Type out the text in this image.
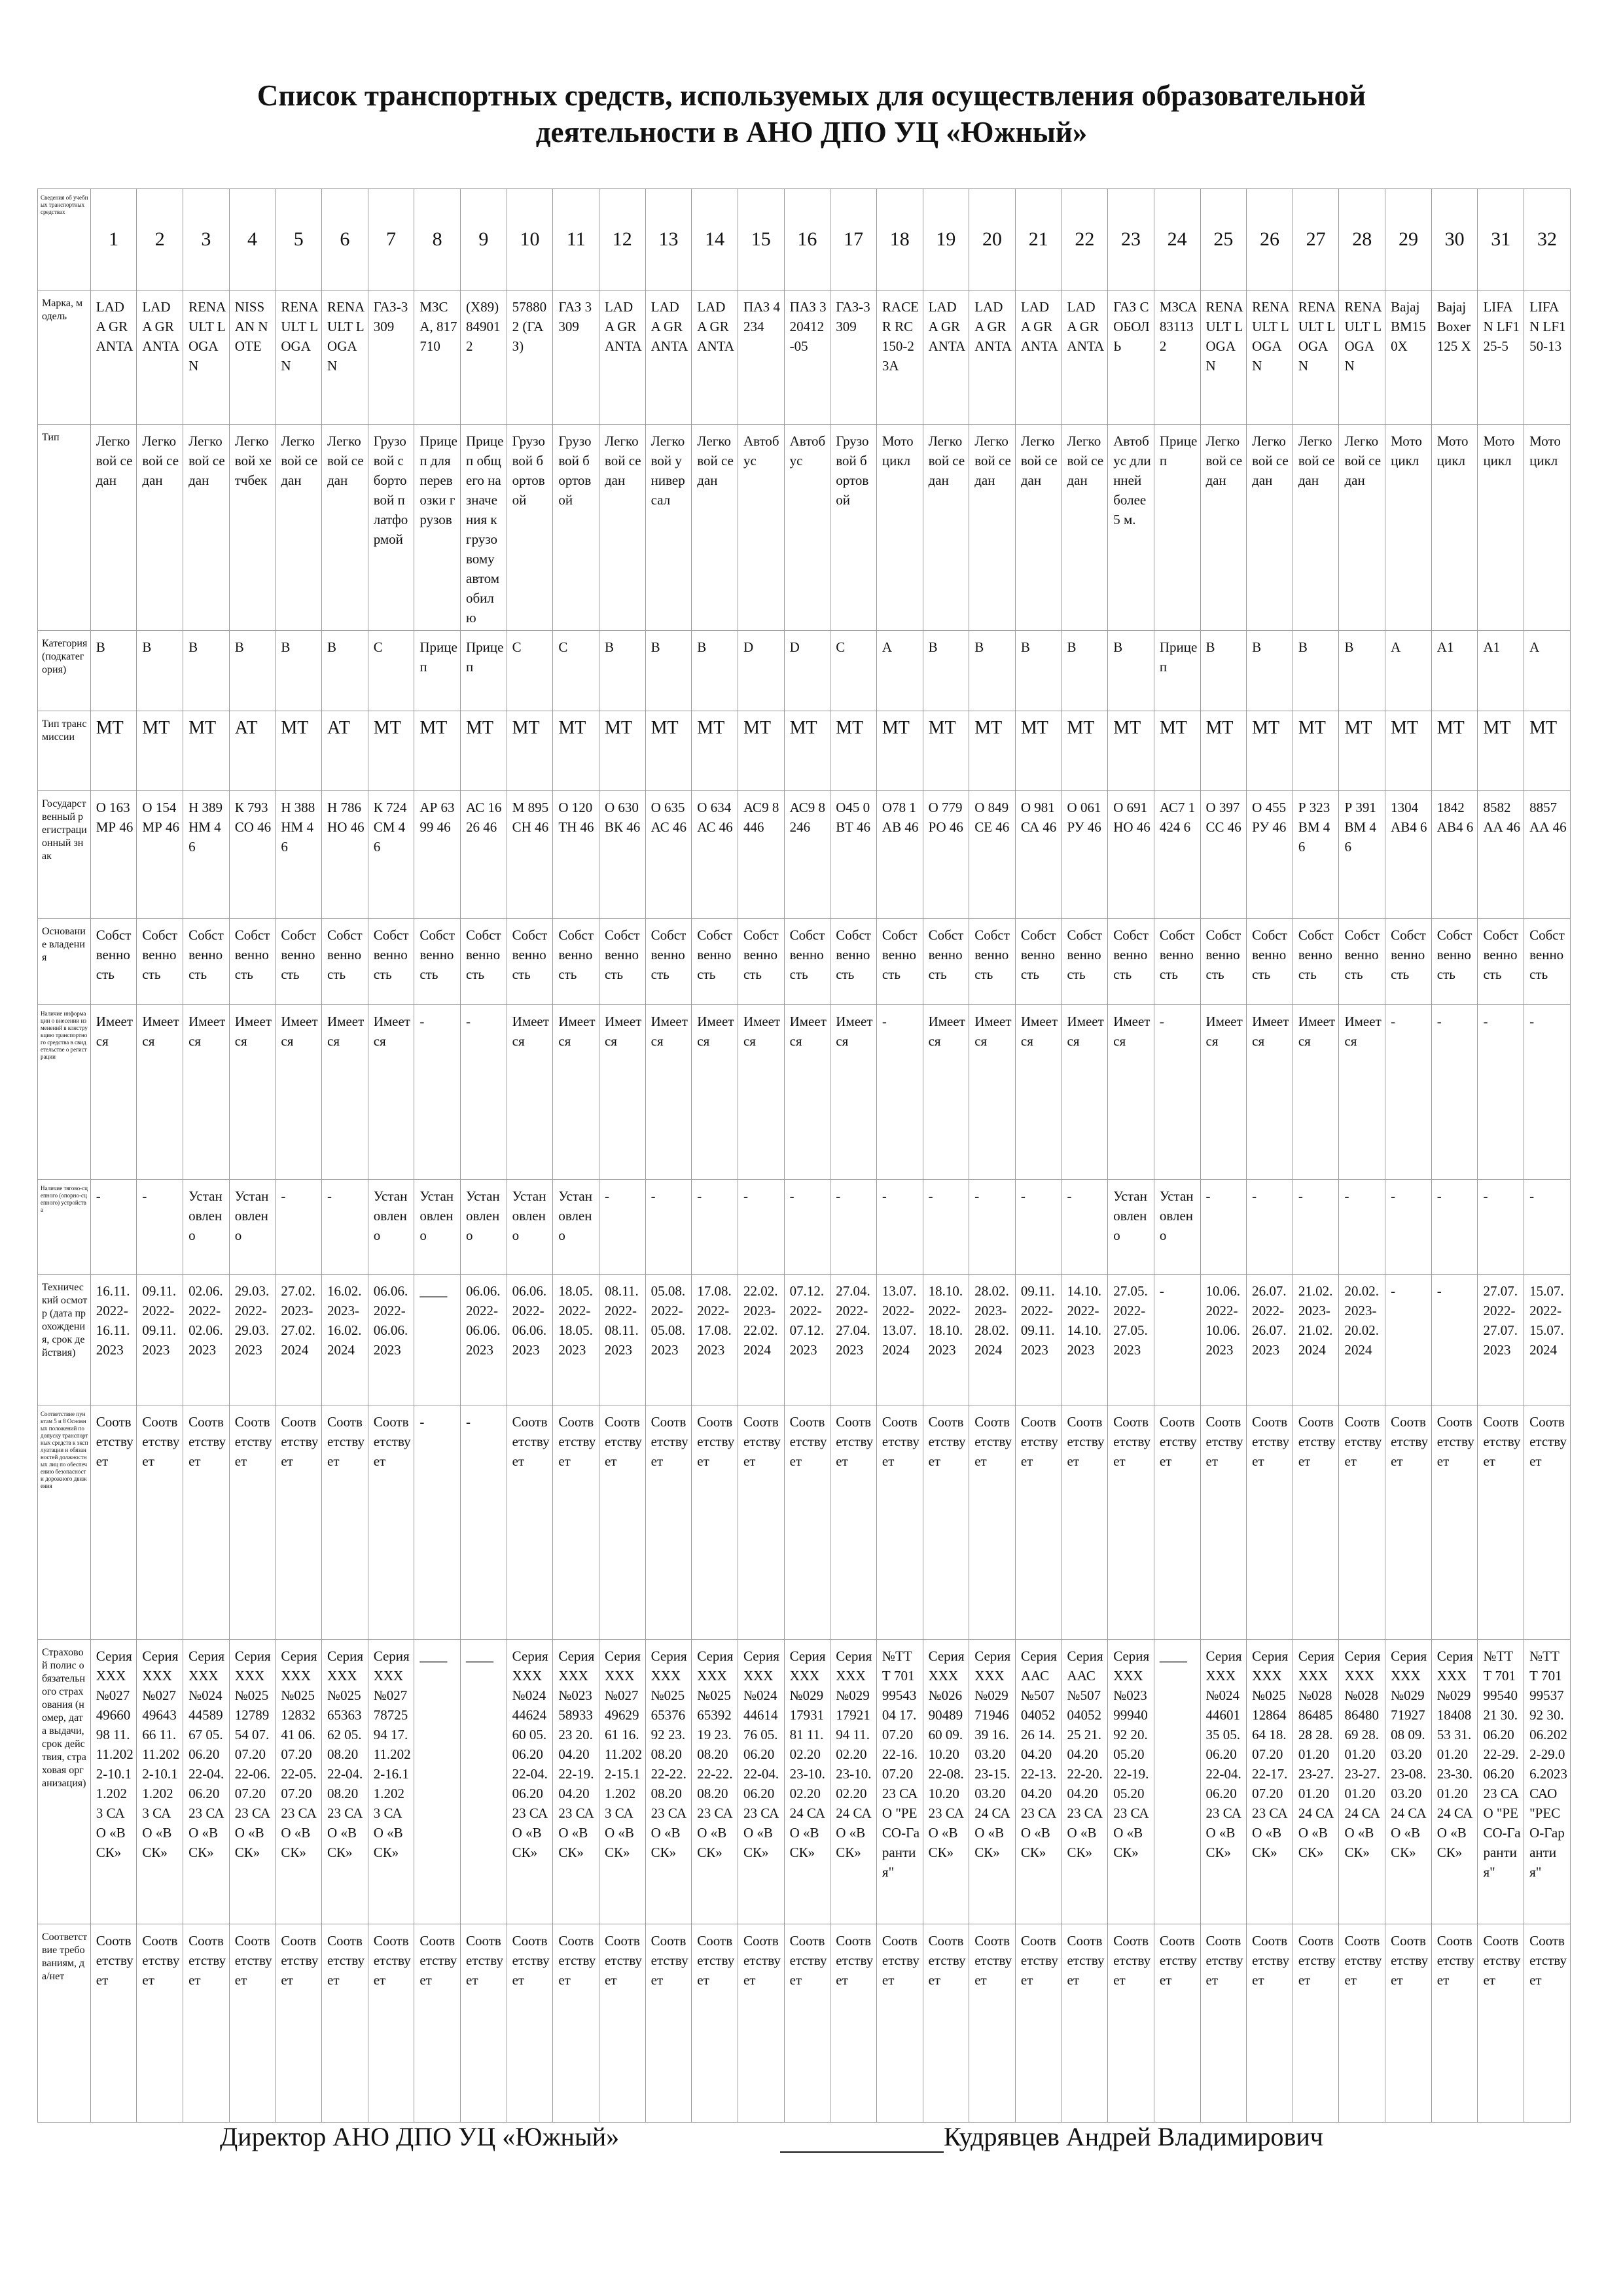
Список транспортных средств, используемых для осуществления образовательной
деятельности в АНО ДПО УЦ «Южный»
Сведения об учебных транспортных средствах	1	2	3	4	5	6	7	8	9	10	11	12	13	14	15	16	17	18	19	20	21	22	23	24	25	26	27	28	29	30	31	32
Марка, модель	LADA GRANTA	LADA GRANTA	RENAULT LOGAN	NISSAN NOTE	RENAULT LOGAN	RENAULT LOGAN	ГАЗ-3309	МЗСА, 817710	(Х89)849012	578802 (ГАЗ)	ГАЗ 3309	LADA GRANTA	LADA GRANTA	LADA GRANTA	ПАЗ 4234	ПАЗ 320412-05	ГАЗ-3309	RACER RC150-23A	LADA GRANTA	LADA GRANTA	LADA GRANTA	LADA GRANTA	ГАЗ СОБОЛЬ	МЗСА 831132	RENAULT LOGAN	RENAULT LOGAN	RENAULT LOGAN	RENAULT LOGAN	Bajaj BM150X	Bajaj Boxer 125 X	LIFAN LF125-5	LIFAN LF150-13
Тип	Легковой седан	Легковой седан	Легковой седан	Легковой хетчбек	Легковой седан	Легковой седан	Грузовой с бортовой платформой	Прицеп для перевозки грузов	Прицеп общего назначения к грузовому автомобилю	Грузовой бортовой	Грузовой бортовой	Легковой седан	Легковой универсал	Легковой седан	Автобус	Автобус	Грузовой бортовой	Мотоцикл	Легковой седан	Легковой седан	Легковой седан	Легковой седан	Автобус длинней более 5 м.	Прицеп	Легковой седан	Легковой седан	Легковой седан	Легковой седан	Мотоцикл	Мотоцикл	Мотоцикл	Мотоцикл
Категория (подкатегория)	B	B	B	B	B	B	C	Прицеп	Прицеп	C	C	B	B	B	D	D	C	A	B	B	B	B	B	Прицеп	B	B	B	B	A	A1	A1	A
Тип трансмиссии	МТ	МТ	МТ	АТ	МТ	АТ	МТ	МТ	МТ	МТ	МТ	МТ	МТ	МТ	МТ	МТ	МТ	МТ	МТ	МТ	МТ	МТ	МТ	МТ	МТ	МТ	МТ	МТ	МТ	МТ	МТ	МТ
Государственный регистрационный знак	О 163 МР 46	О 154 МР 46	Н 389 НМ 46	К 793 СО 46	Н 388 НМ 46	Н 786 НО 46	К 724 СМ 46	АР 6399 46	АС 1626 46	М 895 СН 46	О 120 ТН 46	О 630 ВК 46	О 635 АС 46	О 634 АС 46	АС9 8446	АС9 8246	О45 0ВТ 46	О78 1АВ 46	О 779 РО 46	О 849 СЕ 46	О 981 СА 46	О 061 РУ 46	О 691 НО 46	АС7 1424 6	О 397 СС 46	О 455 РУ 46	Р 323 ВМ 46	Р 391 ВМ 46	1304 АВ4 6	1842 АВ4 6	8582 АА 46	8857 АА 46
Основание владения	Собственность	Собственность	Собственность	Собственность	Собственность	Собственность	Собственность	Собственность	Собственность	Собственность	Собственность	Собственность	Собственность	Собственность	Собственность	Собственность	Собственность	Собственность	Собственность	Собственность	Собственность	Собственность	Собственность	Собственность	Собственность	Собственность	Собственность	Собственность	Собственность	Собственность	Собственность	Собственность
Наличие информации о внесении изменений в конструкцию транспортного средства в свидетельстве о регистрации	Имеется	Имеется	Имеется	Имеется	Имеется	Имеется	Имеется	-	-	Имеется	Имеется	Имеется	Имеется	Имеется	Имеется	Имеется	Имеется	-	Имеется	Имеется	Имеется	Имеется	Имеется	-	Имеется	Имеется	Имеется	Имеется	-	-	-	-
Наличие тягово-сцепного (опорно-сцепного) устройства	-	-	Установлено	Установлено	-	-	Установлено	Установлено	Установлено	Установлено	Установлено	-	-	-	-	-	-	-	-	-	-	-	Установлено	Установлено	-	-	-	-	-	-	-	-
Технический осмотр (дата прохождения, срок действия)	16.11.2022-16.11.2023	09.11.2022-09.11.2023	02.06.2022-02.06.2023	29.03.2022-29.03.2023	27.02.2023-27.02.2024	16.02.2023-16.02.2024	06.06.2022-06.06.2023	____	06.06.2022-06.06.2023	06.06.2022-06.06.2023	18.05.2022-18.05.2023	08.11.2022-08.11.2023	05.08.2022-05.08.2023	17.08.2022-17.08.2023	22.02.2023-22.02.2024	07.12.2022-07.12.2023	27.04.2022-27.04.2023	13.07.2022-13.07.2024	18.10.2022-18.10.2023	28.02.2023-28.02.2024	09.11.2022-09.11.2023	14.10.2022-14.10.2023	27.05.2022-27.05.2023	-	10.06.2022-10.06.2023	26.07.2022-26.07.2023	21.02.2023-21.02.2024	20.02.2023-20.02.2024	-	-	27.07.2022-27.07.2023	15.07.2022-15.07.2024
Соответствие пунктам 5 и 8 Основных положений по допуску транспортных средств к эксплуатации и обязанностей должностных лиц по обеспечению безопасности дорожного движения	Соответствует	Соответствует	Соответствует	Соответствует	Соответствует	Соответствует	Соответствует	-	-	Соответствует	Соответствует	Соответствует	Соответствует	Соответствует	Соответствует	Соответствует	Соответствует	Соответствует	Соответствует	Соответствует	Соответствует	Соответствует	Соответствует	Соответствует	Соответствует	Соответствует	Соответствует	Соответствует	Соответствует	Соответствует	Соответствует	Соответствует
Страховой полис обязательного страхования (номер, дата выдачи, срок действия, страховая организация)	Серия ХХХ №0274966098 11.11.2022-10.11.2023 САО «ВСК»	Серия ХХХ №0274964366 11.11.2022-10.11.2023 САО «ВСК»	Серия ХХХ №0244458967 05.06.2022-04.06.2023 САО «ВСК»	Серия ХХХ №0251278954 07.07.2022-06.07.2023 САО «ВСК»	Серия ХХХ №0251283241 06.07.2022-05.07.2023 САО «ВСК»	Серия ХХХ №0256536362 05.08.2022-04.08.2023 САО «ВСК»	Серия ХХХ №0277872594 17.11.2022-16.11.2023 САО «ВСК»	____	____	Серия ХХХ №0244462460 05.06.2022-04.06.2023 САО «ВСК»	Серия ХХХ №0235893323 20.04.2022-19.04.2023 САО «ВСК»	Серия ХХХ №0274962961 16.11.2022-15.11.2023 САО «ВСК»	Серия ХХХ №0256537692 23.08.2022-22.08.2023 САО «ВСК»	Серия ХХХ №0256539219 23.08.2022-22.08.2023 САО «ВСК»	Серия ХХХ №0244461476 05.06.2022-04.06.2023 САО «ВСК»	Серия ХХХ №0291793181 11.02.2023-10.02.2024 САО «ВСК»	Серия ХХХ №0291792194 11.02.2023-10.02.2024 САО «ВСК»	№ТТТ 7019954304 17.07.2022-16.07.2023 САО "РЕСО-Гарантия"	Серия ХХХ №0269048960 09.10.2022-08.10.2023 САО «ВСК»	Серия ХХХ №0297194639 16.03.2023-15.03.2024 САО «ВСК»	Серия ААС №5070405226 14.04.2022-13.04.2023 САО «ВСК»	Серия ААС №5070405225 21.04.2022-20.04.2023 САО «ВСК»	Серия ХХХ №0239994092 20.05.2022-19.05.2023 САО «ВСК»	____	Серия ХХХ №0244460135 05.06.2022-04.06.2023 САО «ВСК»	Серия ХХХ №0251286464 18.07.2022-17.07.2023 САО «ВСК»	Серия ХХХ №0288648528 28.01.2023-27.01.2024 САО «ВСК»	Серия ХХХ №0288648069 28.01.2023-27.01.2024 САО «ВСК»	Серия ХХХ №0297192708 09.03.2023-08.03.2024 САО «ВСК»	Серия ХХХ №0291840853 31.01.2023-30.01.2024 САО «ВСК»	№ТТТ 7019954021 30.06.2022-29.06.2023 САО "РЕСО-Гарантия"	№ТТТ 7019953792 30.06.2022-29.06.2023 САО "РЕСО-Гарантия"
Соответствие требованиям, да/нет	Соответствует	Соответствует	Соответствует	Соответствует	Соответствует	Соответствует	Соответствует	Соответствует	Соответствует	Соответствует	Соответствует	Соответствует	Соответствует	Соответствует	Соответствует	Соответствует	Соответствует	Соответствует	Соответствует	Соответствует	Соответствует	Соответствует	Соответствует	Соответствует	Соответствует	Соответствует	Соответствует	Соответствует	Соответствует	Соответствует	Соответствует	Соответствует
Директор АНО ДПО УЦ «Южный»	Кудрявцев Андрей Владимирович
